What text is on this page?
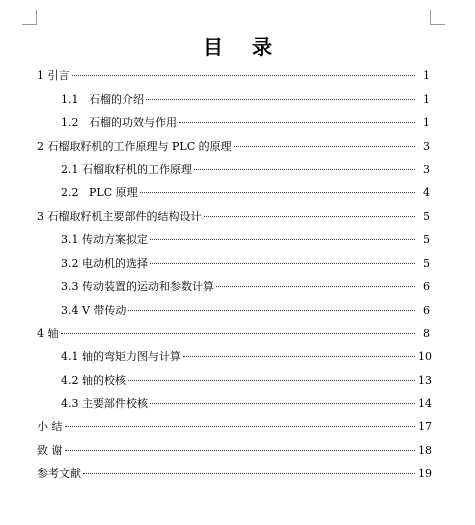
目 录
1 引言	1
1.1   石榴的介绍	1
1.2   石榴的功效与作用	1
2 石榴取籽机的工作原理与 PLC 的原理	3
2.1 石榴取籽机的工作原理	3
2.2   PLC 原理	4
3 石榴取籽机主要部件的结构设计	5
3.1 传动方案拟定	5
3.2 电动机的选择	5
3.3 传动装置的运动和参数计算	6
3.4 V 带传动	6
4 轴	8
4.1 轴的弯矩力图与计算	10
4.2 轴的校核	13
4.3 主要部件校核	14
小 结	17
致 谢	18
参考文献	19
